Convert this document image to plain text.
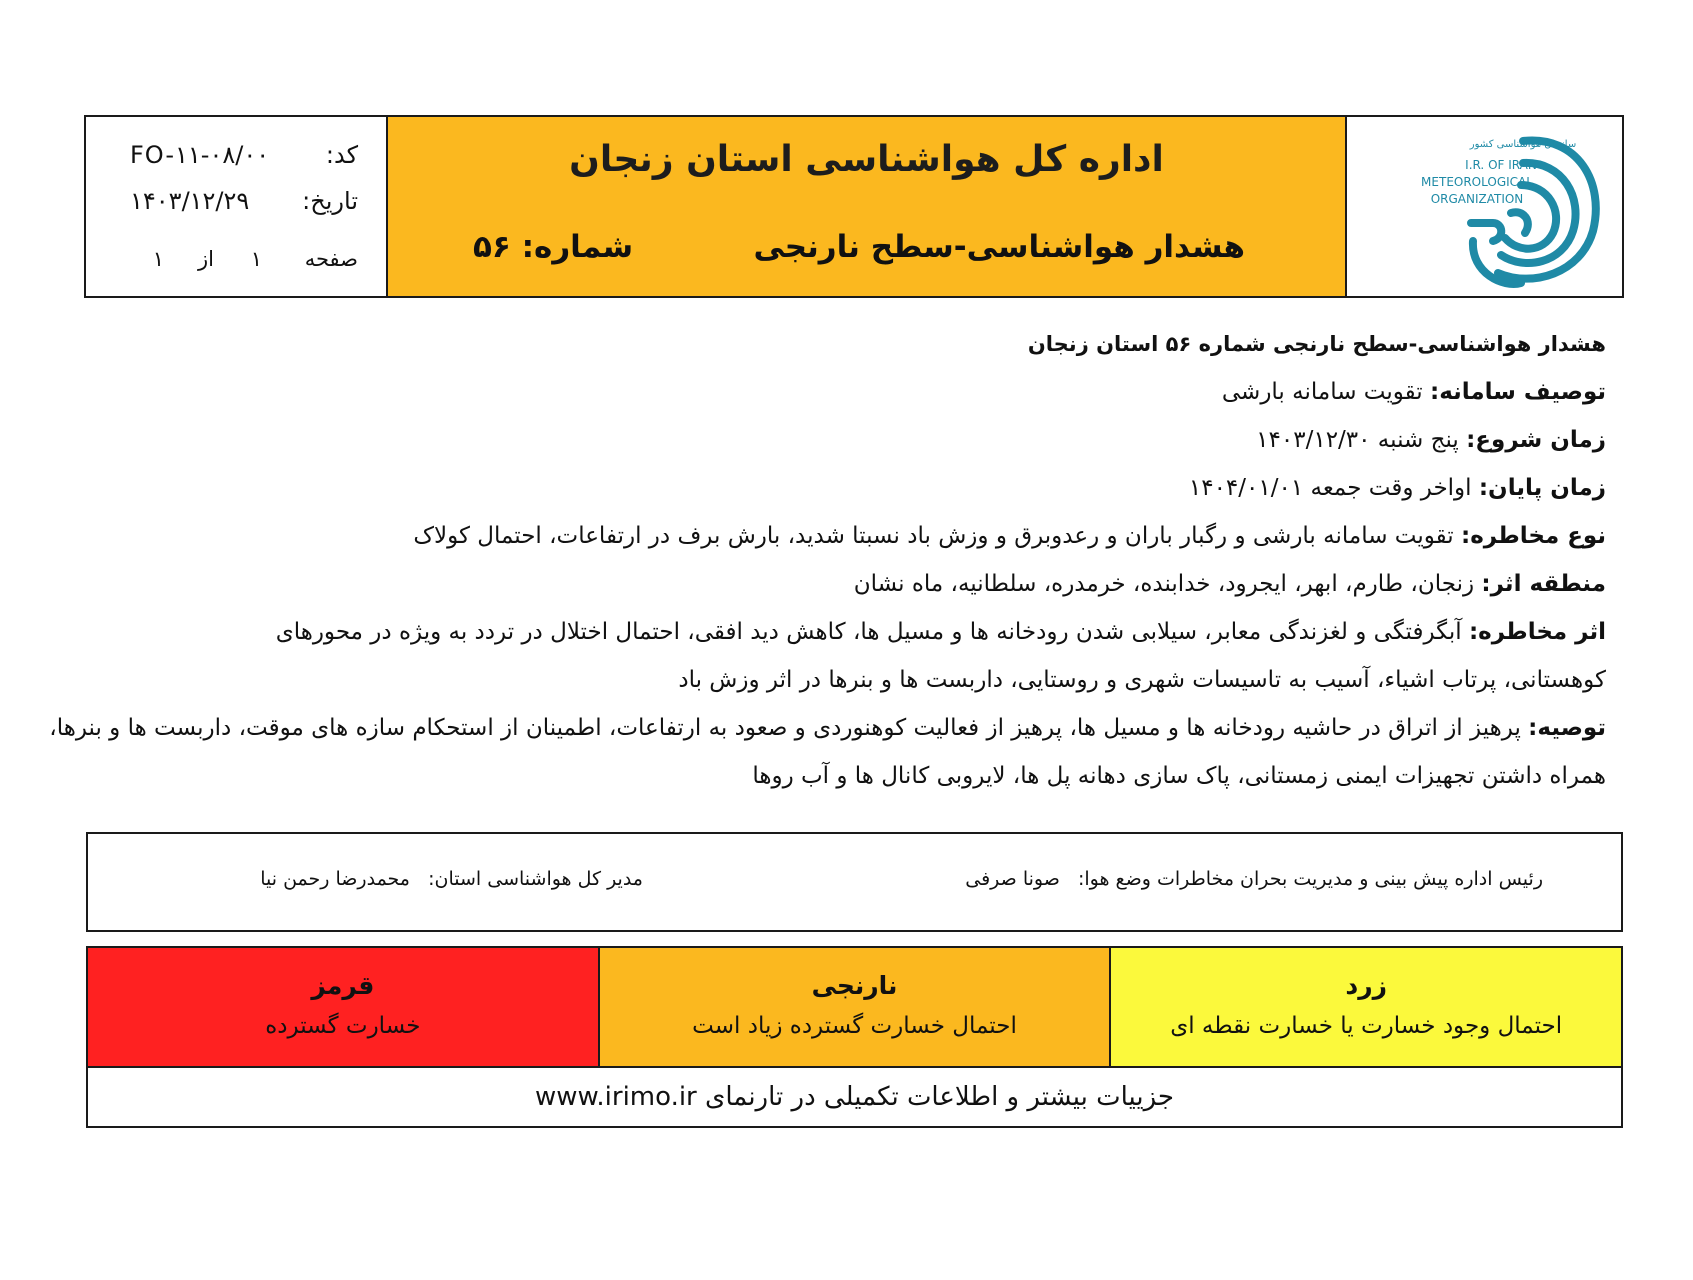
کد:
FO-۱۱-۰۸/۰۰
تاریخ:
۱۴۰۳/۱۲/۲۹
صفحه
۱
از
۱
اداره کل هواشناسی استان زنجان
هشدار هواشناسی-سطح نارنجی
شماره: ۵۶
سازمان هواشناسی کشور
I.R. OF IRAN
METEOROLOGICAL
ORGANIZATION
هشدار هواشناسی-سطح نارنجی شماره ۵۶ استان زنجان
توصیف سامانه: تقویت سامانه بارشی
زمان شروع: پنج شنبه ۱۴۰۳/۱۲/۳۰
زمان پایان: اواخر وقت جمعه ۱۴۰۴/۰۱/۰۱
نوع مخاطره: تقویت سامانه بارشی و رگبار باران و رعدوبرق و وزش باد نسبتا شدید، بارش برف در ارتفاعات، احتمال کولاک
منطقه اثر: زنجان، طارم، ابهر، ایجرود، خدابنده، خرمدره، سلطانیه، ماه نشان
اثر مخاطره: آبگرفتگی و لغزندگی معابر، سیلابی شدن رودخانه ها و مسیل ها، کاهش دید افقی، احتمال اختلال در تردد به ویژه در محورهای کوهستانی، پرتاب اشیاء، آسیب به تاسیسات شهری و روستایی، داربست ها و بنرها در اثر وزش باد
توصیه: پرهیز از اتراق در حاشیه رودخانه ها و مسیل ها، پرهیز از فعالیت کوهنوردی و صعود به ارتفاعات، اطمینان از استحکام سازه های موقت، داربست ها و بنرها، همراه داشتن تجهیزات ایمنی زمستانی، پاک سازی دهانه پل ها، لایروبی کانال ها و آب روها
رئیس اداره پیش بینی و مدیریت بحران مخاطرات وضع هوا:   صونا صرفی
مدیر کل هواشناسی استان:   محمدرضا رحمن نیا
قرمز
خسارت گسترده
نارنجی
احتمال خسارت گسترده زیاد است
زرد
احتمال وجود خسارت یا خسارت نقطه ای
جزییات بیشتر و اطلاعات تکمیلی در تارنمای www.irimo.ir
